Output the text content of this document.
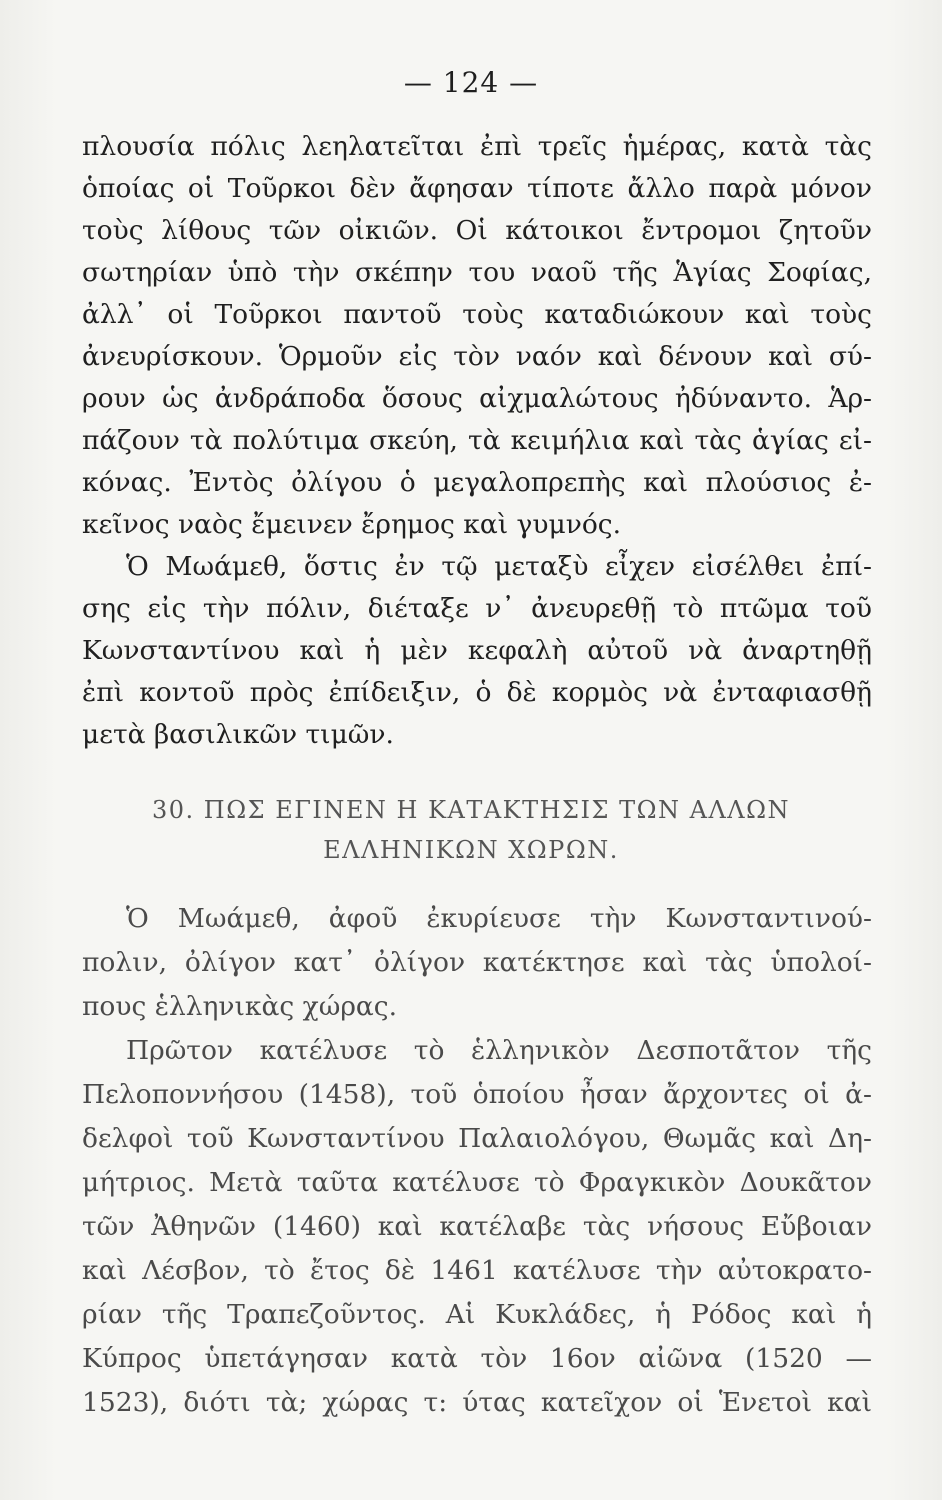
— 124 —
πλουσία πόλις λεηλατεῖται ἐπὶ τρεῖς ἡμέρας, κατὰ τὰς
ὁποίας οἱ Τοῦρκοι δὲν ἄφησαν τίποτε ἄλλο παρὰ μόνον
τοὺς λίθους τῶν οἰκιῶν. Οἱ κάτοικοι ἔντρομοι ζητοῦν
σωτηρίαν ὑπὸ τὴν σκέπην του ναοῦ τῆς Ἁγίας Σοφίας,
ἀλλ᾽ οἱ Τοῦρκοι παντοῦ τοὺς καταδιώκουν καὶ τοὺς
ἀνευρίσκουν. Ὁρμοῦν εἰς τὸν ναόν καὶ δένουν καὶ σύ-
ρουν ὡς ἀνδράποδα ὅσους αἰχμαλώτους ἠδύναντο. Ἁρ-
πάζουν τὰ πολύτιμα σκεύη, τὰ κειμήλια καὶ τὰς ἁγίας εἰ-
κόνας. Ἐντὸς ὀλίγου ὁ μεγαλοπρεπὴς καὶ πλούσιος ἐ-
κεῖνος ναὸς ἔμεινεν ἔρημος καὶ γυμνός.
Ὁ Μωάμεθ, ὅστις ἐν τῷ μεταξὺ εἶχεν εἰσέλθει ἐπί-
σης εἰς τὴν πόλιν, διέταξε ν᾽ ἀνευρεθῇ τὸ πτῶμα τοῦ
Κωνσταντίνου καὶ ἡ μὲν κεφαλὴ αὐτοῦ νὰ ἀναρτηθῇ
ἐπὶ κοντοῦ πρὸς ἐπίδειξιν, ὁ δὲ κορμὸς νὰ ἐνταφιασθῇ
μετὰ βασιλικῶν τιμῶν.
30. ΠΩΣ ΕΓΙΝΕΝ Η ΚΑΤΑΚΤΗΣΙΣ ΤΩΝ ΑΛΛΩΝ
ΕΛΛΗΝΙΚΩΝ ΧΩΡΩΝ.
Ὁ Μωάμεθ, ἀφοῦ ἐκυρίευσε τὴν Κωνσταντινού-
πολιν, ὀλίγον κατ᾽ ὀλίγον κατέκτησε καὶ τὰς ὑπολοί-
πους ἑλληνικὰς χώρας.
Πρῶτον κατέλυσε τὸ ἑλληνικὸν Δεσποτᾶτον τῆς
Πελοποννήσου (1458), τοῦ ὁποίου ἦσαν ἄρχοντες οἱ ἀ-
δελφοὶ τοῦ Κωνσταντίνου Παλαιολόγου, Θωμᾶς καὶ Δη-
μήτριος. Μετὰ ταῦτα κατέλυσε τὸ Φραγκικὸν Δουκᾶτον
τῶν Ἀθηνῶν (1460) καὶ κατέλαβε τὰς νήσους Εὔβοιαν
καὶ Λέσβον, τὸ ἔτος δὲ 1461 κατέλυσε τὴν αὐτοκρατο-
ρίαν τῆς Τραπεζοῦντος. Αἱ Κυκλάδες, ἡ Ρόδος καὶ ἡ
Κύπρος ὑπετάγησαν κατὰ τὸν 16ον αἰῶνα (1520 —
1523), διότι τὰ; χώρας τ: ύτας κατεῖχον οἱ Ἑνετοὶ καὶ
